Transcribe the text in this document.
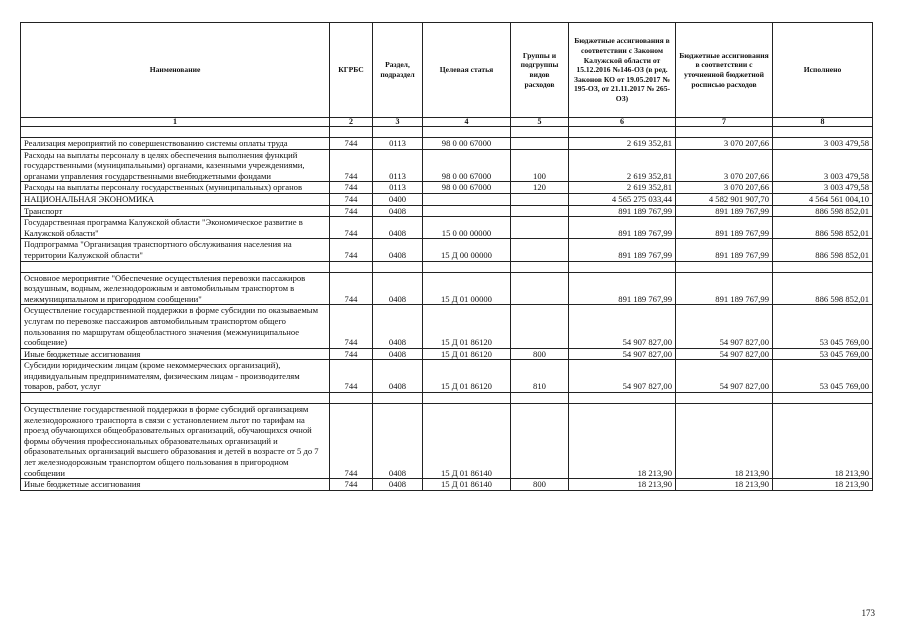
Наименование	КГРБС	Раздел, подраздел	Целевая статья	Группы и подгруппы видов расходов	Бюджетные ассигнования в соответствии с Законом Калужской области от 15.12.2016 №146-ОЗ (в ред. Законов КО от 19.05.2017 № 195-ОЗ, от 21.11.2017 № 265-ОЗ)	Бюджетные ассигнования в соответствии с уточненной бюджетной росписью расходов	Исполнено
1	2	3	4	5	6	7	8

Реализация мероприятий по совершенствованию системы оплаты труда	744	0113	98 0 00 67000		2 619 352,81	3 070 207,66	3 003 479,58
Расходы на выплаты персоналу в целях обеспечения выполнения функций государственными (муниципальными) органами, казенными учреждениями, органами управления государственными внебюджетными фондами	744	0113	98 0 00 67000	100	2 619 352,81	3 070 207,66	3 003 479,58
Расходы на выплаты персоналу государственных (муниципальных) органов	744	0113	98 0 00 67000	120	2 619 352,81	3 070 207,66	3 003 479,58
НАЦИОНАЛЬНАЯ ЭКОНОМИКА	744	0400			4 565 275 033,44	4 582 901 907,70	4 564 561 004,10
Транспорт	744	0408			891 189 767,99	891 189 767,99	886 598 852,01
Государственная программа Калужской области "Экономическое развитие в Калужской области"	744	0408	15 0 00 00000		891 189 767,99	891 189 767,99	886 598 852,01
Подпрограмма "Организация транспортного обслуживания населения на территории Калужской области"	744	0408	15 Д 00 00000		891 189 767,99	891 189 767,99	886 598 852,01

Основное мероприятие "Обеспечение осуществления перевозки пассажиров воздушным, водным, железнодорожным и автомобильным транспортом в межмуниципальном и пригородном сообщении"	744	0408	15 Д 01 00000		891 189 767,99	891 189 767,99	886 598 852,01
Осуществление государственной поддержки в форме субсидии по оказываемым услугам по перевозке пассажиров автомобильным транспортом общего пользования по маршрутам общеобластного значения (межмуниципальное сообщение)	744	0408	15 Д 01 86120		54 907 827,00	54 907 827,00	53 045 769,00
Иные бюджетные ассигнования	744	0408	15 Д 01 86120	800	54 907 827,00	54 907 827,00	53 045 769,00
Субсидии юридическим лицам (кроме некоммерческих организаций), индивидуальным предпринимателям, физическим лицам - производителям товаров, работ, услуг	744	0408	15 Д 01 86120	810	54 907 827,00	54 907 827,00	53 045 769,00

Осуществление государственной поддержки в форме субсидий организациям железнодорожного транспорта в связи с установлением льгот по тарифам на проезд обучающихся общеобразовательных организаций, обучающихся очной формы обучения профессиональных образовательных организаций и образовательных организаций высшего образования и детей в возрасте от 5 до 7 лет железнодорожным транспортом общего пользования в пригородном сообщении	744	0408	15 Д 01 86140		18 213,90	18 213,90	18 213,90
Иные бюджетные ассигнования	744	0408	15 Д 01 86140	800	18 213,90	18 213,90	18 213,90
173
